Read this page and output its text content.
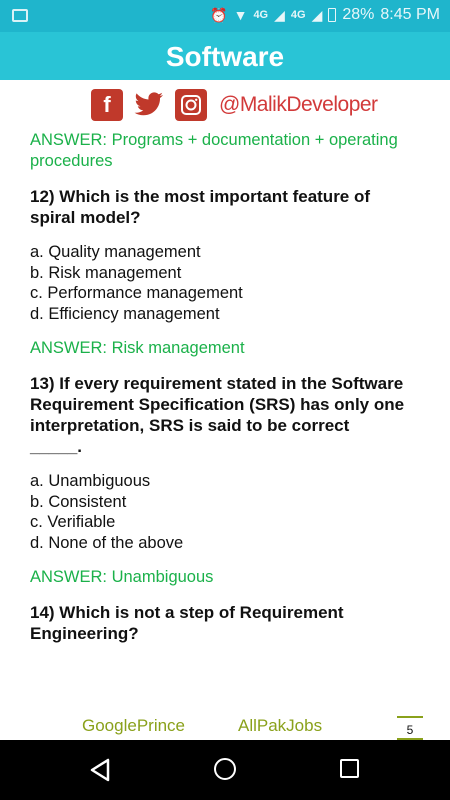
⏰ ▼ 4G ◢ 4G ◢ 28% 8:45 PM
Software
f	@MalikDeveloper
ANSWER: Programs + documentation + operating procedures
12) Which is the most important feature of spiral model?
a. Quality management
b. Risk management
c. Performance management
d. Efficiency management
ANSWER: Risk management
13) If every requirement stated in the Software Requirement Specification (SRS) has only one interpretation, SRS is said to be correct _____.
a. Unambiguous
b. Consistent
c. Verifiable
d. None of the above
ANSWER: Unambiguous
14) Which is not a step of Requirement Engineering?
GooglePrince	AllPakJobs	5
